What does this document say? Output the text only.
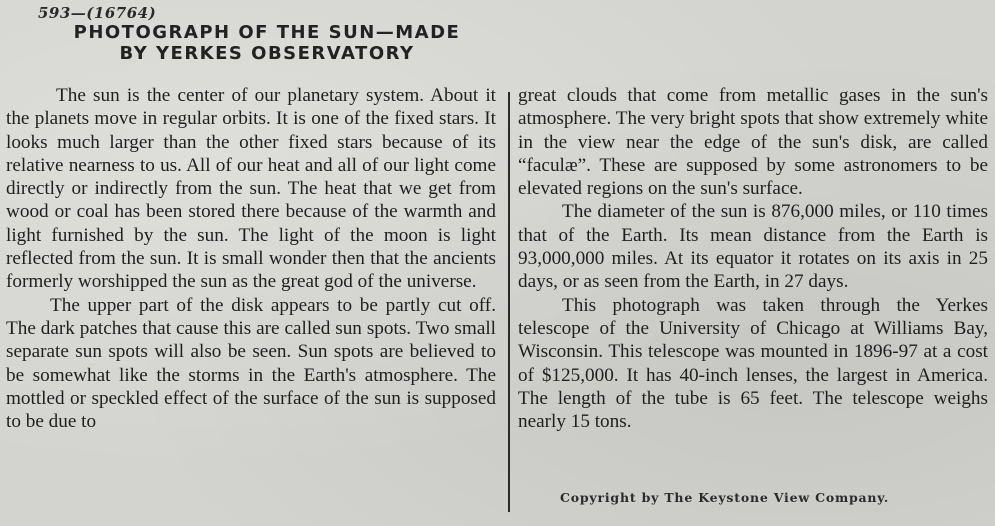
593—(16764)
PHOTOGRAPH OF THE SUN—MADE
BY YERKES OBSERVATORY

The sun is the center of our planetary system. About it the planets move in regular orbits. It is one of the fixed stars. It looks much larger than the other fixed stars because of its relative nearness to us. All of our heat and all of our light come directly or indirectly from the sun. The heat that we get from wood or coal has been stored there because of the warmth and light furnished by the sun. The light of the moon is light reflected from the sun. It is small wonder then that the ancients formerly worshipped the sun as the great god of the universe.

The upper part of the disk appears to be partly cut off. The dark patches that cause this are called sun spots. Two small separate sun spots will also be seen. Sun spots are believed to be somewhat like the storms in the Earth's atmosphere. The mottled or speckled effect of the surface of the sun is supposed to be due to

great clouds that come from metallic gases in the sun's atmosphere. The very bright spots that show extremely white in the view near the edge of the sun's disk, are called “faculæ”. These are supposed by some astronomers to be elevated regions on the sun's surface.

The diameter of the sun is 876,000 miles, or 110 times that of the Earth. Its mean distance from the Earth is 93,000,000 miles. At its equator it rotates on its axis in 25 days, or as seen from the Earth, in 27 days.

This photograph was taken through the Yerkes telescope of the University of Chicago at Williams Bay, Wisconsin. This telescope was mounted in 1896-97 at a cost of $125,000. It has 40-inch lenses, the largest in America. The length of the tube is 65 feet. The telescope weighs nearly 15 tons.

Copyright by The Keystone View Company.
